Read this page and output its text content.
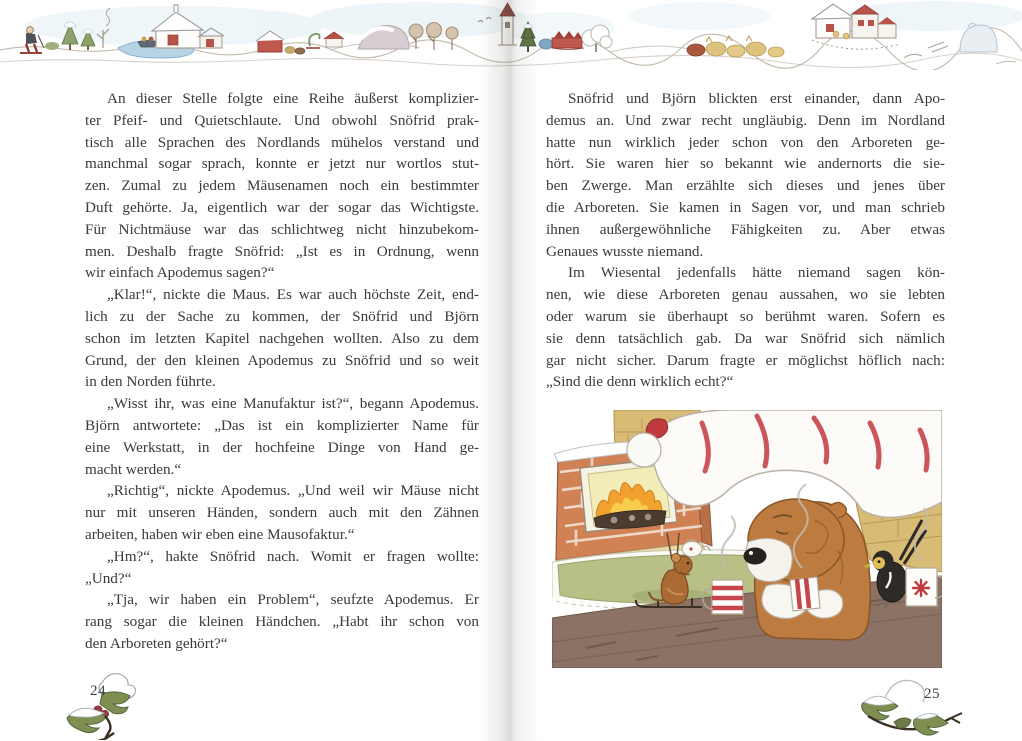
An dieser Stelle folgte eine Reihe äußerst komplizier-
ter Pfeif- und Quietschlaute. Und obwohl Snöfrid prak-
tisch alle Sprachen des Nordlands mühelos verstand und
manchmal sogar sprach, konnte er jetzt nur wortlos stut-
zen. Zumal zu jedem Mäusenamen noch ein bestimmter
Duft gehörte. Ja, eigentlich war der sogar das Wichtigste.
Für Nichtmäuse war das schlichtweg nicht hinzubekom-
men. Deshalb fragte Snöfrid: „Ist es in Ordnung, wenn
wir einfach Apodemus sagen?“
„Klar!“, nickte die Maus. Es war auch höchste Zeit, end-
lich zu der Sache zu kommen, der Snöfrid und Björn
schon im letzten Kapitel nachgehen wollten. Also zu dem
Grund, der den kleinen Apodemus zu Snöfrid und so weit
in den Norden führte.
„Wisst ihr, was eine Manufaktur ist?“, begann Apodemus.
Björn antwortete: „Das ist ein komplizierter Name für
eine Werkstatt, in der hochfeine Dinge von Hand ge-
macht werden.“
„Richtig“, nickte Apodemus. „Und weil wir Mäuse nicht
nur mit unseren Händen, sondern auch mit den Zähnen
arbeiten, haben wir eben eine Mausofaktur.“
„Hm?“, hakte Snöfrid nach. Womit er fragen wollte:
„Und?“
„Tja, wir haben ein Problem“, seufzte Apodemus. Er
rang sogar die kleinen Händchen. „Habt ihr schon von
den Arboreten gehört?“
Snöfrid und Björn blickten erst einander, dann Apo-
demus an. Und zwar recht ungläubig. Denn im Nordland
hatte nun wirklich jeder schon von den Arboreten ge-
hört. Sie waren hier so bekannt wie andernorts die sie-
ben Zwerge. Man erzählte sich dieses und jenes über
die Arboreten. Sie kamen in Sagen vor, und man schrieb
ihnen außergewöhnliche Fähigkeiten zu. Aber etwas
Genaues wusste niemand.
Im Wiesental jedenfalls hätte niemand sagen kön-
nen, wie diese Arboreten genau aussahen, wo sie lebten
oder warum sie überhaupt so berühmt waren. Sofern es
sie denn tatsächlich gab. Da war Snöfrid sich nämlich
gar nicht sicher. Darum fragte er möglichst höflich nach:
„Sind die denn wirklich echt?“
24	25
